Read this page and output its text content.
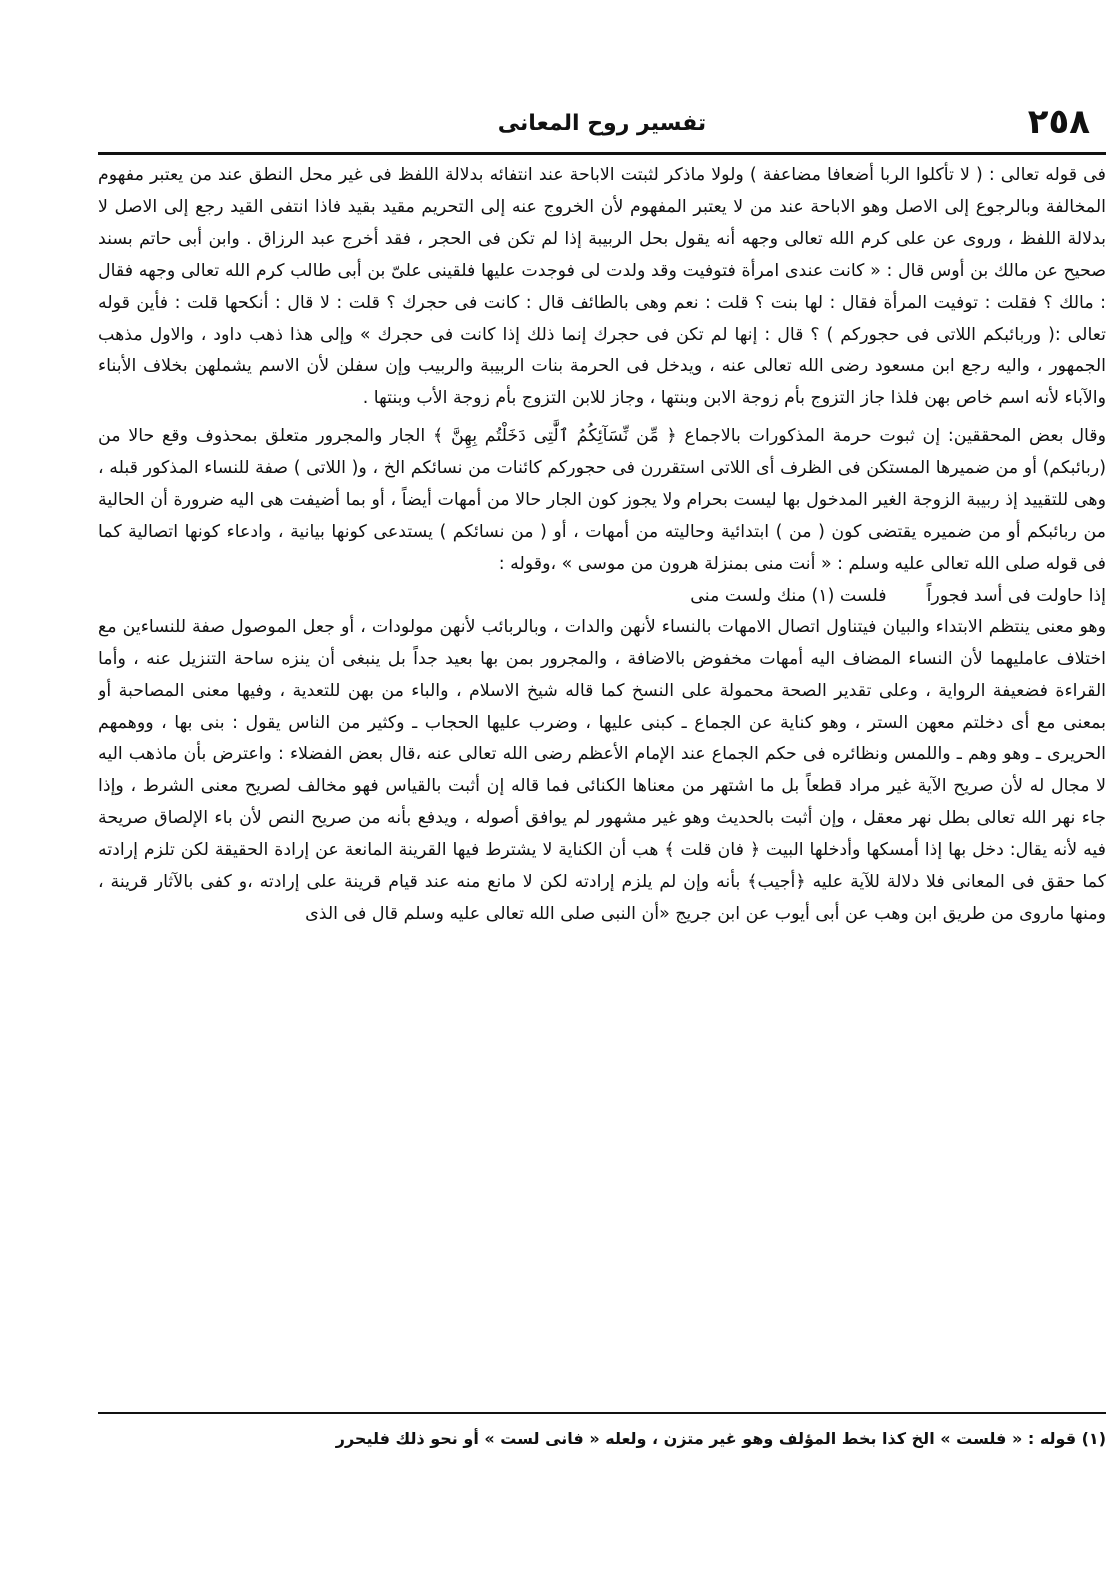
٢٥٨
تفسير روح المعانى

فى قوله تعالى : ( لا تأكلوا الربا أضعافا مضاعفة ) ولولا ماذكر لثبتت الاباحة عند انتفائه بدلالة اللفظ فى غير محل النطق عند من يعتبر مفهوم المخالفة وبالرجوع إلى الاصل وهو الاباحة عند من لا يعتبر المفهوم لأن الخروج عنه إلى التحريم مقيد بقيد فاذا انتفى القيد رجع إلى الاصل لا بدلالة اللفظ ، وروى عن على كرم الله تعالى وجهه أنه يقول بحل الربيبة إذا لم تكن فى الحجر ، فقد أخرج عبد الرزاق . وابن أبى حاتم بسند صحيح عن مالك بن أوس قال : « كانت عندى امرأة فتوفيت وقد ولدت لى فوجدت عليها فلقينى علىّ بن أبى طالب كرم الله تعالى وجهه فقال : مالك ؟ فقلت : توفيت المرأة فقال : لها بنت ؟ قلت : نعم وهى بالطائف قال : كانت فى حجرك ؟ قلت : لا قال : أنكحها قلت : فأين قوله تعالى :( وربائبكم اللاتى فى حجوركم ) ؟ قال : إنها لم تكن فى حجرك إنما ذلك إذا كانت فى حجرك » وإلى هذا ذهب داود ، والاول مذهب الجمهور ، واليه رجع ابن مسعود رضى الله تعالى عنه ، ويدخل فى الحرمة بنات الربيبة والربيب وإن سفلن لأن الاسم يشملهن بخلاف الأبناء والآباء لأنه اسم خاص بهن فلذا جاز التزوج بأم زوجة الابن وبنتها ، وجاز للابن التزوج بأم زوجة الأب وبنتها .

وقال بعض المحققين: إن ثبوت حرمة المذكورات بالاجماع ﴿ مِّن نِّسَآئِكُمُ ٱلَّٰتِى دَخَلْتُم بِهِنَّ ﴾ الجار والمجرور متعلق بمحذوف وقع حالا من (ربائبكم) أو من ضميرها المستكن فى الظرف أى اللاتى استقررن فى حجوركم كائنات من نسائكم الخ ، و( اللاتى ) صفة للنساء المذكور قبله ، وهى للتقييد إذ ربيبة الزوجة الغير المدخول بها ليست بحرام ولا يجوز كون الجار حالا من أمهات أيضاً ، أو بما أضيفت هى اليه ضرورة أن الحالية من ربائبكم أو من ضميره يقتضى كون ( من ) ابتدائية وحاليته من أمهات ، أو ( من نسائكم ) يستدعى كونها بيانية ، وادعاء كونها اتصالية كما فى قوله صلى الله تعالى عليه وسلم : « أنت منى بمنزلة هرون من موسى » ،وقوله :

إذا حاولت فى أسد فجوراً
فلست (١) منك ولست منى

وهو معنى ينتظم الابتداء والبيان فيتناول اتصال الامهات بالنساء لأنهن والدات ، وبالربائب لأنهن مولودات ، أو جعل الموصول صفة للنساءين مع اختلاف عامليهما لأن النساء المضاف اليه أمهات مخفوض بالاضافة ، والمجرور بمن بها بعيد جداً بل ينبغى أن ينزه ساحة التنزيل عنه ، وأما القراءة فضعيفة الرواية ، وعلى تقدير الصحة محمولة على النسخ كما قاله شيخ الاسلام ، والباء من بهن للتعدية ، وفيها معنى المصاحبة أو بمعنى مع أى دخلتم معهن الستر ، وهو كناية عن الجماع ـ كبنى عليها ، وضرب عليها الحجاب ـ وكثير من الناس يقول : بنى بها ، ووهمهم الحريرى ـ وهو وهم ـ واللمس ونظائره فى حكم الجماع عند الإمام الأعظم رضى الله تعالى عنه ،قال بعض الفضلاء : واعترض بأن ماذهب اليه لا مجال له لأن صريح الآية غير مراد قطعاً بل ما اشتهر من معناها الكنائى فما قاله إن أثبت بالقياس فهو مخالف لصريح معنى الشرط ، وإذا جاء نهر الله تعالى بطل نهر معقل ، وإن أثبت بالحديث وهو غير مشهور لم يوافق أصوله ، ويدفع بأنه من صريح النص لأن باء الإلصاق صريحة فيه لأنه يقال: دخل بها إذا أمسكها وأدخلها البيت ﴿ فان قلت ﴾ هب أن الكناية لا يشترط فيها القرينة المانعة عن إرادة الحقيقة لكن تلزم إرادته كما حقق فى المعانى فلا دلالة للآية عليه ﴿أجيب﴾ بأنه وإن لم يلزم إرادته لكن لا مانع منه عند قيام قرينة على إرادته ،و كفى بالآثار قرينة ، ومنها ماروى من طريق ابن وهب عن أبى أيوب عن ابن جريج «أن النبى صلى الله تعالى عليه وسلم قال فى الذى

(١) قوله : « فلست » الخ كذا بخط المؤلف وهو غير متزن ، ولعله « فانى لست » أو نحو ذلك فليحرر
